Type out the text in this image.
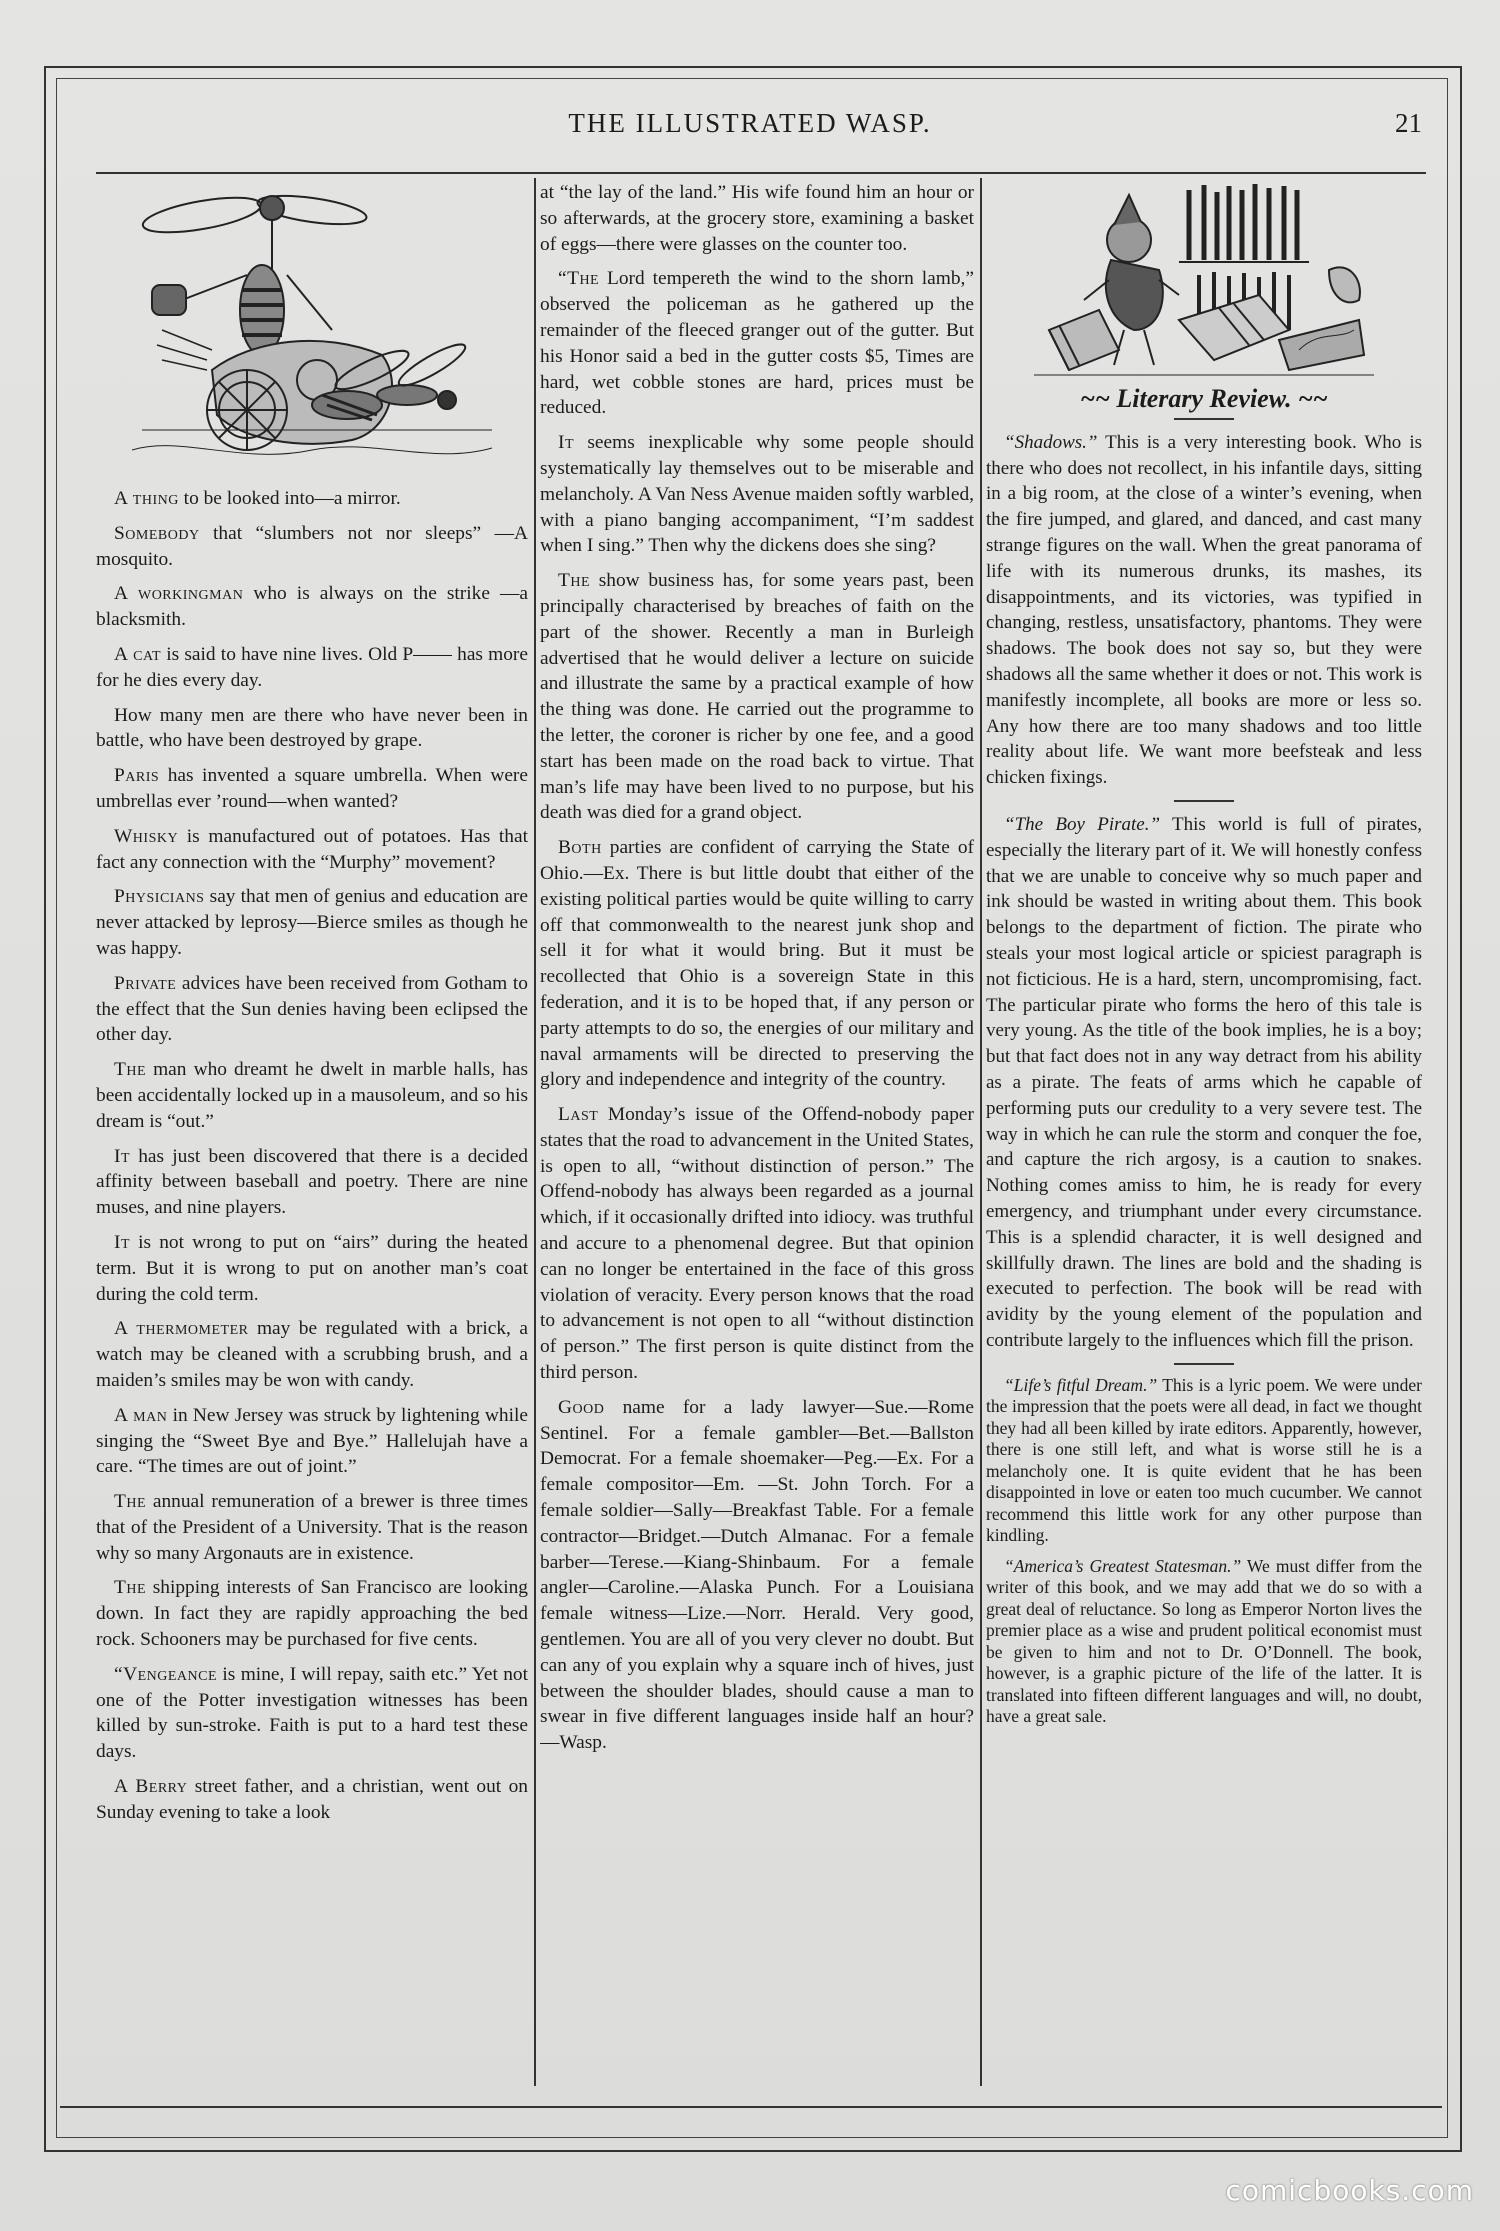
THE ILLUSTRATED WASP.	21

A thing to be looked into—a mirror.

Somebody that “slumbers not nor sleeps” —A mosquito.

A workingman who is always on the strike —a blacksmith.

A cat is said to have nine lives. Old P—— has more for he dies every day.

How many men are there who have never been in battle, who have been destroyed by grape.

Paris has invented a square umbrella. When were umbrellas ever ’round—when wanted?

Whisky is manufactured out of potatoes. Has that fact any connection with the “Murphy” movement?

Physicians say that men of genius and education are never attacked by leprosy—Bierce smiles as though he was happy.

Private advices have been received from Gotham to the effect that the Sun denies having been eclipsed the other day.

The man who dreamt he dwelt in marble halls, has been accidentally locked up in a mausoleum, and so his dream is “out.”

It has just been discovered that there is a decided affinity between baseball and poetry. There are nine muses, and nine players.

It is not wrong to put on “airs” during the heated term. But it is wrong to put on another man’s coat during the cold term.

A thermometer may be regulated with a brick, a watch may be cleaned with a scrubbing brush, and a maiden’s smiles may be won with candy.

A man in New Jersey was struck by lightening while singing the “Sweet Bye and Bye.” Hallelujah have a care. “The times are out of joint.”

The annual remuneration of a brewer is three times that of the President of a University. That is the reason why so many Argonauts are in existence.

The shipping interests of San Francisco are looking down. In fact they are rapidly approaching the bed rock. Schooners may be purchased for five cents.

“Vengeance is mine, I will repay, saith etc.” Yet not one of the Potter investigation witnesses has been killed by sun-stroke. Faith is put to a hard test these days.

A Berry street father, and a christian, went out on Sunday evening to take a look

at “the lay of the land.” His wife found him an hour or so afterwards, at the grocery store, examining a basket of eggs—there were glasses on the counter too.

“The Lord tempereth the wind to the shorn lamb,” observed the policeman as he gathered up the remainder of the fleeced granger out of the gutter. But his Honor said a bed in the gutter costs $5, Times are hard, wet cobble stones are hard, prices must be reduced.

It seems inexplicable why some people should systematically lay themselves out to be miserable and melancholy. A Van Ness Avenue maiden softly warbled, with a piano banging accompaniment, “I’m saddest when I sing.” Then why the dickens does she sing?

The show business has, for some years past, been principally characterised by breaches of faith on the part of the shower. Recently a man in Burleigh advertised that he would deliver a lecture on suicide and illustrate the same by a practical example of how the thing was done. He carried out the programme to the letter, the coroner is richer by one fee, and a good start has been made on the road back to virtue. That man’s life may have been lived to no purpose, but his death was died for a grand object.

Both parties are confident of carrying the State of Ohio.—Ex. There is but little doubt that either of the existing political parties would be quite willing to carry off that commonwealth to the nearest junk shop and sell it for what it would bring. But it must be recollected that Ohio is a sovereign State in this federation, and it is to be hoped that, if any person or party attempts to do so, the energies of our military and naval armaments will be directed to preserving the glory and independence and integrity of the country.

Last Monday’s issue of the Offend-nobody paper states that the road to advancement in the United States, is open to all, “without distinction of person.” The Offend-nobody has always been regarded as a journal which, if it occasionally drifted into idiocy. was truthful and accure to a phenomenal degree. But that opinion can no longer be entertained in the face of this gross violation of veracity. Every person knows that the road to advancement is not open to all “without distinction of person.” The first person is quite distinct from the third person.

Good name for a lady lawyer—Sue.—Rome Sentinel. For a female gambler—Bet.—Ballston Democrat. For a female shoemaker—Peg.—Ex. For a female compositor—Em. —St. John Torch. For a female soldier—Sally—Breakfast Table. For a female contractor—Bridget.—Dutch Almanac. For a female barber—Terese.—Kiang-Shinbaum. For a female angler—Caroline.—Alaska Punch. For a Louisiana female witness—Lize.—Norr. Herald. Very good, gentlemen. You are all of you very clever no doubt. But can any of you explain why a square inch of hives, just between the shoulder blades, should cause a man to swear in five different languages inside half an hour? —Wasp.

~~ Literary Review. ~~

“Shadows.” This is a very interesting book. Who is there who does not recollect, in his infantile days, sitting in a big room, at the close of a winter’s evening, when the fire jumped, and glared, and danced, and cast many strange figures on the wall. When the great panorama of life with its numerous drunks, its mashes, its disappointments, and its victories, was typified in changing, restless, unsatisfactory, phantoms. They were shadows. The book does not say so, but they were shadows all the same whether it does or not. This work is manifestly incomplete, all books are more or less so. Any how there are too many shadows and too little reality about life. We want more beefsteak and less chicken fixings.

“The Boy Pirate.” This world is full of pirates, especially the literary part of it. We will honestly confess that we are unable to conceive why so much paper and ink should be wasted in writing about them. This book belongs to the department of fiction. The pirate who steals your most logical article or spiciest paragraph is not ficticious. He is a hard, stern, uncompromising, fact. The particular pirate who forms the hero of this tale is very young. As the title of the book implies, he is a boy; but that fact does not in any way detract from his ability as a pirate. The feats of arms which he capable of performing puts our credulity to a very severe test. The way in which he can rule the storm and conquer the foe, and capture the rich argosy, is a caution to snakes. Nothing comes amiss to him, he is ready for every emergency, and triumphant under every circumstance. This is a splendid character, it is well designed and skillfully drawn. The lines are bold and the shading is executed to perfection. The book will be read with avidity by the young element of the population and contribute largely to the influences which fill the prison.

“Life’s fitful Dream.” This is a lyric poem. We were under the impression that the poets were all dead, in fact we thought they had all been killed by irate editors. Apparently, however, there is one still left, and what is worse still he is a melancholy one. It is quite evident that he has been disappointed in love or eaten too much cucumber. We cannot recommend this little work for any other purpose than kindling.

“America’s Greatest Statesman.” We must differ from the writer of this book, and we may add that we do so with a great deal of reluctance. So long as Emperor Norton lives the premier place as a wise and prudent political economist must be given to him and not to Dr. O’Donnell. The book, however, is a graphic picture of the life of the latter. It is translated into fifteen different languages and will, no doubt, have a great sale.

comicbooks.com
